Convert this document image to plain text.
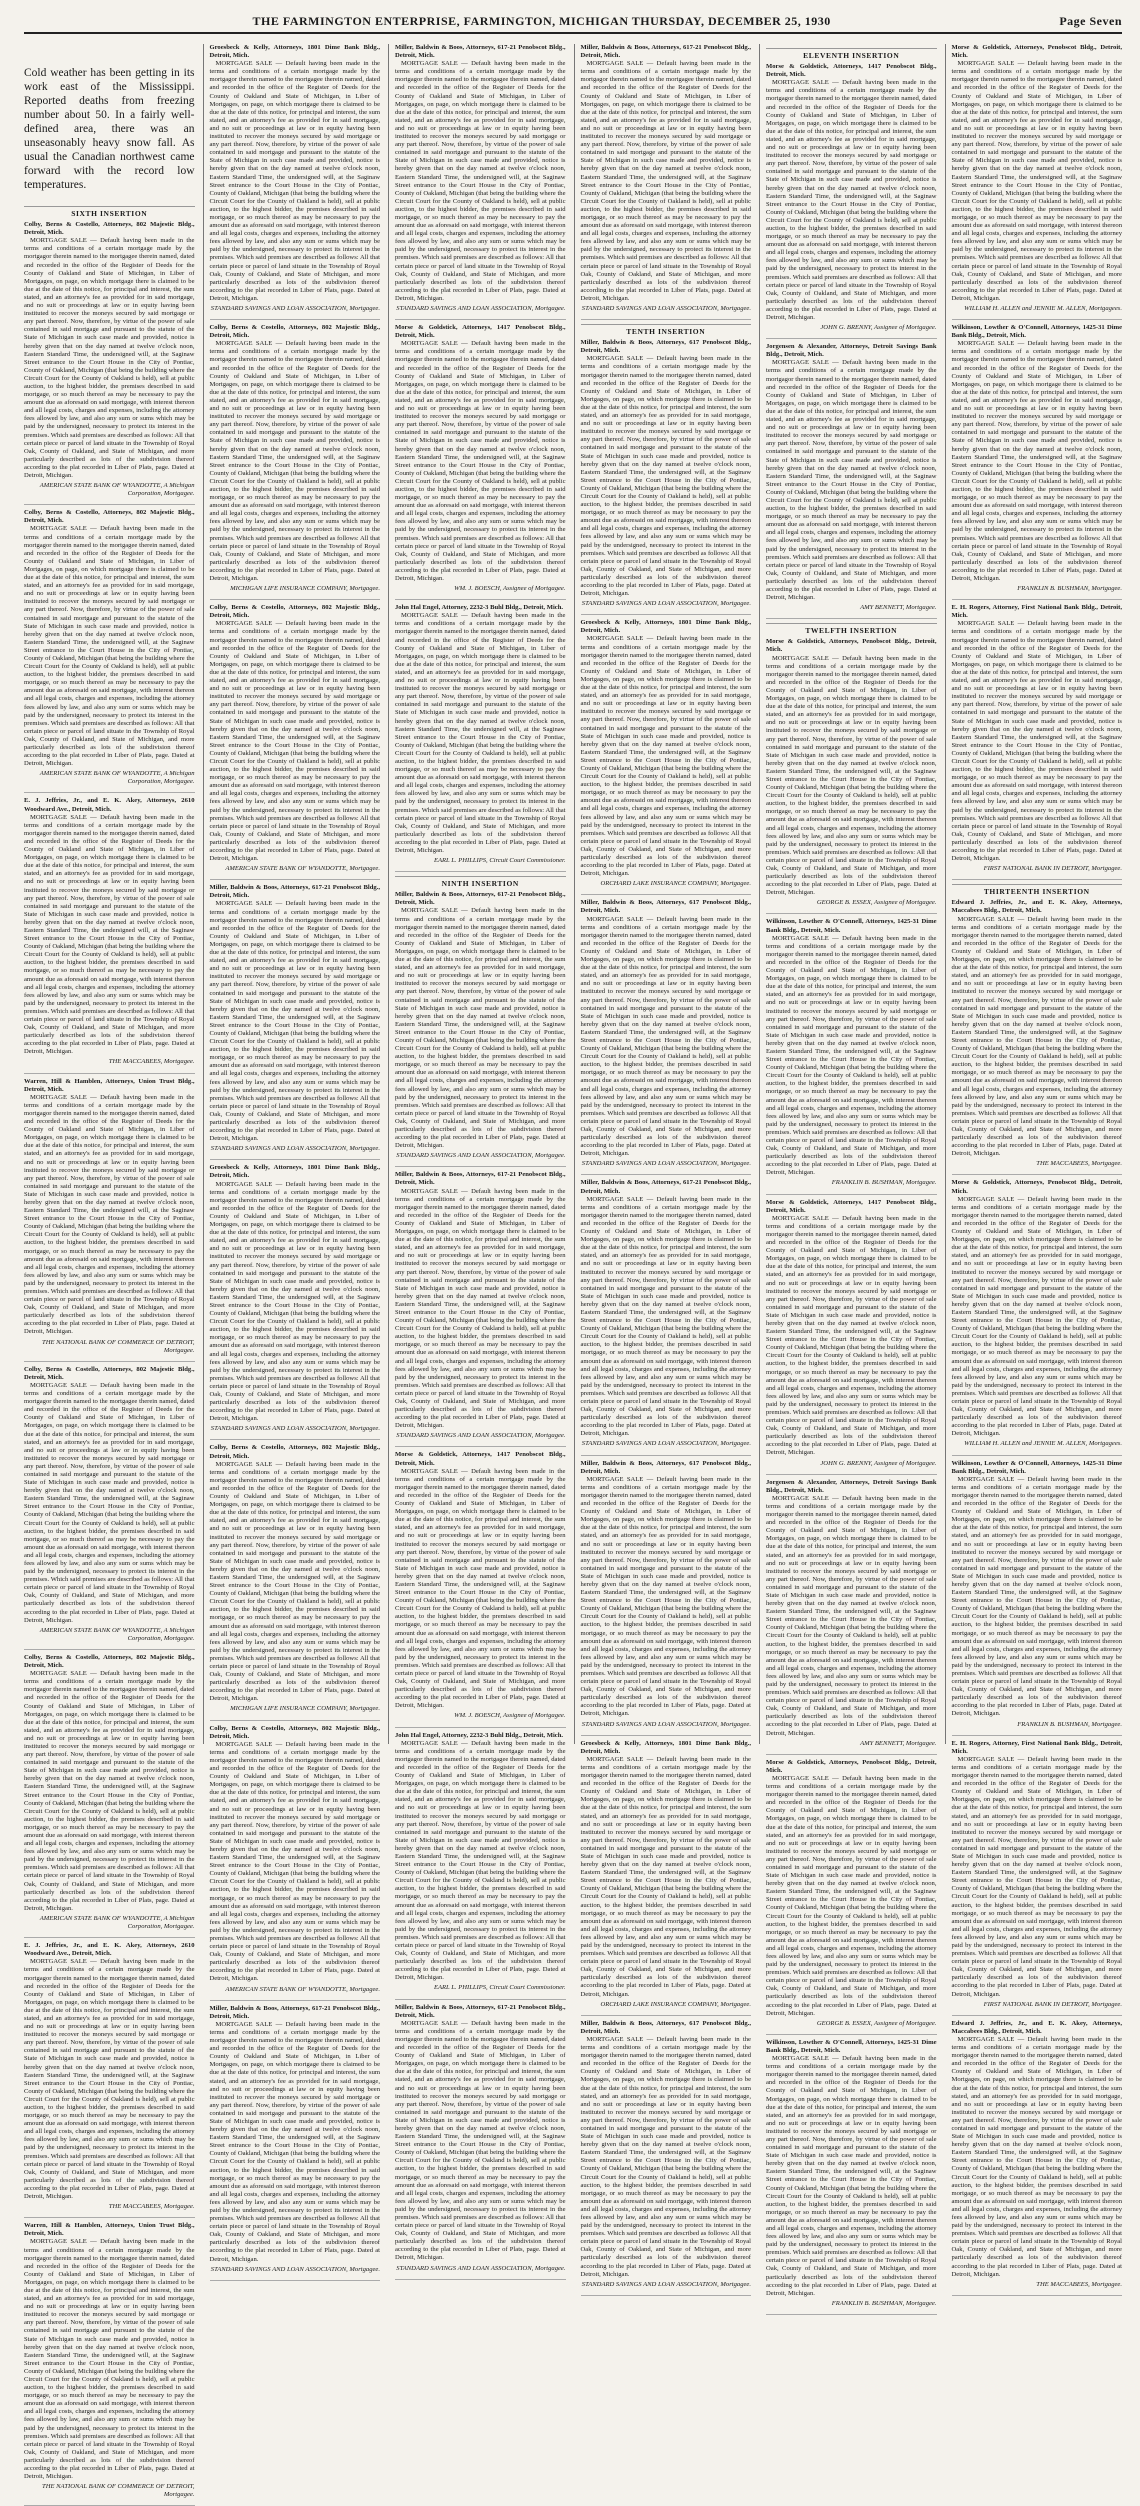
THE FARMINGTON ENTERPRISE, FARMINGTON, MICHIGAN THURSDAY, DECEMBER 25, 1930	Page Seven
Cold weather has been getting in its work east of the Mississippi. Reported deaths from freezing number about 50. In a fairly well-defined area, there was an unseasonably heavy snow fall. As usual the Canadian northwest came forward with the record low temperatures.
SIXTH INSERTION
Colby, Berns & Costello, Attorneys, 802 Majestic Bldg., Detroit, Mich.

MORTGAGE SALE — Default having been made in the terms and conditions of a certain mortgage made by the mortgagor therein named to the mortgagee therein named, dated and recorded in the office of the Register of Deeds for the County of Oakland and State of Michigan, in Liber of Mortgages, on page, on which mortgage there is claimed to be due at the date of this notice, for principal and interest, the sum stated, and an attorney's fee as provided for in said mortgage, and no suit or proceedings at law or in equity having been instituted to recover the moneys secured by said mortgage or any part thereof. Now, therefore, by virtue of the power of sale contained in said mortgage and pursuant to the statute of the State of Michigan in such case made and provided, notice is hereby given that on the day named at twelve o'clock noon, Eastern Standard Time, the undersigned will, at the Saginaw Street entrance to the Court House in the City of Pontiac, County of Oakland, Michigan (that being the building where the Circuit Court for the County of Oakland is held), sell at public auction, to the highest bidder, the premises described in said mortgage, or so much thereof as may be necessary to pay the amount due as aforesaid on said mortgage, with interest thereon and all legal costs, charges and expenses, including the attorney fees allowed by law, and also any sum or sums which may be paid by the undersigned, necessary to protect its interest in the premises. Which said premises are described as follows: All that certain piece or parcel of land situate in the Township of Royal Oak, County of Oakland, and State of Michigan, and more particularly described as lots of the subdivision thereof according to the plat recorded in Liber of Plats, page. Dated at Detroit, Michigan.

AMERICAN STATE BANK OF WYANDOTTE, A Michigan Corporation, Mortgagee.
Colby, Berns & Costello, Attorneys, 802 Majestic Bldg., Detroit, Mich.

MORTGAGE SALE — Default having been made in the terms and conditions of a certain mortgage made by the mortgagor therein named to the mortgagee therein named, dated and recorded in the office of the Register of Deeds for the County of Oakland and State of Michigan, in Liber of Mortgages, on page, on which mortgage there is claimed to be due at the date of this notice, for principal and interest, the sum stated, and an attorney's fee as provided for in said mortgage, and no suit or proceedings at law or in equity having been instituted to recover the moneys secured by said mortgage or any part thereof. Now, therefore, by virtue of the power of sale contained in said mortgage and pursuant to the statute of the State of Michigan in such case made and provided, notice is hereby given that on the day named at twelve o'clock noon, Eastern Standard Time, the undersigned will, at the Saginaw Street entrance to the Court House in the City of Pontiac, County of Oakland, Michigan (that being the building where the Circuit Court for the County of Oakland is held), sell at public auction, to the highest bidder, the premises described in said mortgage, or so much thereof as may be necessary to pay the amount due as aforesaid on said mortgage, with interest thereon and all legal costs, charges and expenses, including the attorney fees allowed by law, and also any sum or sums which may be paid by the undersigned, necessary to protect its interest in the premises. Which said premises are described as follows: All that certain piece or parcel of land situate in the Township of Royal Oak, County of Oakland, and State of Michigan, and more particularly described as lots of the subdivision thereof according to the plat recorded in Liber of Plats, page. Dated at Detroit, Michigan.

AMERICAN STATE BANK OF WYANDOTTE, A Michigan Corporation, Mortgagee.
E. J. Jeffries, Jr., and E. K. Akey, Attorneys, 2610 Woodward Ave., Detroit, Mich.

MORTGAGE SALE — Default having been made in the terms and conditions of a certain mortgage made by the mortgagor therein named to the mortgagee therein named, dated and recorded in the office of the Register of Deeds for the County of Oakland and State of Michigan, in Liber of Mortgages, on page, on which mortgage there is claimed to be due at the date of this notice, for principal and interest, the sum stated, and an attorney's fee as provided for in said mortgage, and no suit or proceedings at law or in equity having been instituted to recover the moneys secured by said mortgage or any part thereof. Now, therefore, by virtue of the power of sale contained in said mortgage and pursuant to the statute of the State of Michigan in such case made and provided, notice is hereby given that on the day named at twelve o'clock noon, Eastern Standard Time, the undersigned will, at the Saginaw Street entrance to the Court House in the City of Pontiac, County of Oakland, Michigan (that being the building where the Circuit Court for the County of Oakland is held), sell at public auction, to the highest bidder, the premises described in said mortgage, or so much thereof as may be necessary to pay the amount due as aforesaid on said mortgage, with interest thereon and all legal costs, charges and expenses, including the attorney fees allowed by law, and also any sum or sums which may be paid by the undersigned, necessary to protect its interest in the premises. Which said premises are described as follows: All that certain piece or parcel of land situate in the Township of Royal Oak, County of Oakland, and State of Michigan, and more particularly described as lots of the subdivision thereof according to the plat recorded in Liber of Plats, page. Dated at Detroit, Michigan.

THE MACCABEES, Mortgagee.
Warren, Hill & Hamblen, Attorneys, Union Trust Bldg., Detroit, Mich.

MORTGAGE SALE — Default having been made in the terms and conditions of a certain mortgage made by the mortgagor therein named to the mortgagee therein named, dated and recorded in the office of the Register of Deeds for the County of Oakland and State of Michigan, in Liber of Mortgages, on page, on which mortgage there is claimed to be due at the date of this notice, for principal and interest, the sum stated, and an attorney's fee as provided for in said mortgage, and no suit or proceedings at law or in equity having been instituted to recover the moneys secured by said mortgage or any part thereof. Now, therefore, by virtue of the power of sale contained in said mortgage and pursuant to the statute of the State of Michigan in such case made and provided, notice is hereby given that on the day named at twelve o'clock noon, Eastern Standard Time, the undersigned will, at the Saginaw Street entrance to the Court House in the City of Pontiac, County of Oakland, Michigan (that being the building where the Circuit Court for the County of Oakland is held), sell at public auction, to the highest bidder, the premises described in said mortgage, or so much thereof as may be necessary to pay the amount due as aforesaid on said mortgage, with interest thereon and all legal costs, charges and expenses, including the attorney fees allowed by law, and also any sum or sums which may be paid by the undersigned, necessary to protect its interest in the premises. Which said premises are described as follows: All that certain piece or parcel of land situate in the Township of Royal Oak, County of Oakland, and State of Michigan, and more particularly described as lots of the subdivision thereof according to the plat recorded in Liber of Plats, page. Dated at Detroit, Michigan.

THE NATIONAL BANK OF COMMERCE OF DETROIT, Mortgagee.
Colby, Berns & Costello, Attorneys, 802 Majestic Bldg., Detroit, Mich.

MORTGAGE SALE — Default having been made in the terms and conditions of a certain mortgage made by the mortgagor therein named to the mortgagee therein named, dated and recorded in the office of the Register of Deeds for the County of Oakland and State of Michigan, in Liber of Mortgages, on page, on which mortgage there is claimed to be due at the date of this notice, for principal and interest, the sum stated, and an attorney's fee as provided for in said mortgage, and no suit or proceedings at law or in equity having been instituted to recover the moneys secured by said mortgage or any part thereof. Now, therefore, by virtue of the power of sale contained in said mortgage and pursuant to the statute of the State of Michigan in such case made and provided, notice is hereby given that on the day named at twelve o'clock noon, Eastern Standard Time, the undersigned will, at the Saginaw Street entrance to the Court House in the City of Pontiac, County of Oakland, Michigan (that being the building where the Circuit Court for the County of Oakland is held), sell at public auction, to the highest bidder, the premises described in said mortgage, or so much thereof as may be necessary to pay the amount due as aforesaid on said mortgage, with interest thereon and all legal costs, charges and expenses, including the attorney fees allowed by law, and also any sum or sums which may be paid by the undersigned, necessary to protect its interest in the premises. Which said premises are described as follows: All that certain piece or parcel of land situate in the Township of Royal Oak, County of Oakland, and State of Michigan, and more particularly described as lots of the subdivision thereof according to the plat recorded in Liber of Plats, page. Dated at Detroit, Michigan.

AMERICAN STATE BANK OF WYANDOTTE, A Michigan Corporation, Mortgagee.
Colby, Berns & Costello, Attorneys, 802 Majestic Bldg., Detroit, Mich.

MORTGAGE SALE — Default having been made in the terms and conditions of a certain mortgage made by the mortgagor therein named to the mortgagee therein named, dated and recorded in the office of the Register of Deeds for the County of Oakland and State of Michigan, in Liber of Mortgages, on page, on which mortgage there is claimed to be due at the date of this notice, for principal and interest, the sum stated, and an attorney's fee as provided for in said mortgage, and no suit or proceedings at law or in equity having been instituted to recover the moneys secured by said mortgage or any part thereof. Now, therefore, by virtue of the power of sale contained in said mortgage and pursuant to the statute of the State of Michigan in such case made and provided, notice is hereby given that on the day named at twelve o'clock noon, Eastern Standard Time, the undersigned will, at the Saginaw Street entrance to the Court House in the City of Pontiac, County of Oakland, Michigan (that being the building where the Circuit Court for the County of Oakland is held), sell at public auction, to the highest bidder, the premises described in said mortgage, or so much thereof as may be necessary to pay the amount due as aforesaid on said mortgage, with interest thereon and all legal costs, charges and expenses, including the attorney fees allowed by law, and also any sum or sums which may be paid by the undersigned, necessary to protect its interest in the premises. Which said premises are described as follows: All that certain piece or parcel of land situate in the Township of Royal Oak, County of Oakland, and State of Michigan, and more particularly described as lots of the subdivision thereof according to the plat recorded in Liber of Plats, page. Dated at Detroit, Michigan.

AMERICAN STATE BANK OF WYANDOTTE, A Michigan Corporation, Mortgagee.
E. J. Jeffries, Jr., and E. K. Akey, Attorneys, 2610 Woodward Ave., Detroit, Mich.

MORTGAGE SALE — Default having been made in the terms and conditions of a certain mortgage made by the mortgagor therein named to the mortgagee therein named, dated and recorded in the office of the Register of Deeds for the County of Oakland and State of Michigan, in Liber of Mortgages, on page, on which mortgage there is claimed to be due at the date of this notice, for principal and interest, the sum stated, and an attorney's fee as provided for in said mortgage, and no suit or proceedings at law or in equity having been instituted to recover the moneys secured by said mortgage or any part thereof. Now, therefore, by virtue of the power of sale contained in said mortgage and pursuant to the statute of the State of Michigan in such case made and provided, notice is hereby given that on the day named at twelve o'clock noon, Eastern Standard Time, the undersigned will, at the Saginaw Street entrance to the Court House in the City of Pontiac, County of Oakland, Michigan (that being the building where the Circuit Court for the County of Oakland is held), sell at public auction, to the highest bidder, the premises described in said mortgage, or so much thereof as may be necessary to pay the amount due as aforesaid on said mortgage, with interest thereon and all legal costs, charges and expenses, including the attorney fees allowed by law, and also any sum or sums which may be paid by the undersigned, necessary to protect its interest in the premises. Which said premises are described as follows: All that certain piece or parcel of land situate in the Township of Royal Oak, County of Oakland, and State of Michigan, and more particularly described as lots of the subdivision thereof according to the plat recorded in Liber of Plats, page. Dated at Detroit, Michigan.

THE MACCABEES, Mortgagee.
Warren, Hill & Hamblen, Attorneys, Union Trust Bldg., Detroit, Mich.

MORTGAGE SALE — Default having been made in the terms and conditions of a certain mortgage made by the mortgagor therein named to the mortgagee therein named, dated and recorded in the office of the Register of Deeds for the County of Oakland and State of Michigan, in Liber of Mortgages, on page, on which mortgage there is claimed to be due at the date of this notice, for principal and interest, the sum stated, and an attorney's fee as provided for in said mortgage, and no suit or proceedings at law or in equity having been instituted to recover the moneys secured by said mortgage or any part thereof. Now, therefore, by virtue of the power of sale contained in said mortgage and pursuant to the statute of the State of Michigan in such case made and provided, notice is hereby given that on the day named at twelve o'clock noon, Eastern Standard Time, the undersigned will, at the Saginaw Street entrance to the Court House in the City of Pontiac, County of Oakland, Michigan (that being the building where the Circuit Court for the County of Oakland is held), sell at public auction, to the highest bidder, the premises described in said mortgage, or so much thereof as may be necessary to pay the amount due as aforesaid on said mortgage, with interest thereon and all legal costs, charges and expenses, including the attorney fees allowed by law, and also any sum or sums which may be paid by the undersigned, necessary to protect its interest in the premises. Which said premises are described as follows: All that certain piece or parcel of land situate in the Township of Royal Oak, County of Oakland, and State of Michigan, and more particularly described as lots of the subdivision thereof according to the plat recorded in Liber of Plats, page. Dated at Detroit, Michigan.

THE NATIONAL BANK OF COMMERCE OF DETROIT, Mortgagee.
Groesbeck & Kelly, Attorneys, 1801 Dime Bank Bldg., Detroit, Mich.

MORTGAGE SALE — Default having been made in the terms and conditions of a certain mortgage made by the mortgagor therein named to the mortgagee therein named, dated and recorded in the office of the Register of Deeds for the County of Oakland and State of Michigan, in Liber of Mortgages, on page, on which mortgage there is claimed to be due at the date of this notice, for principal and interest, the sum stated, and an attorney's fee as provided for in said mortgage, and no suit or proceedings at law or in equity having been instituted to recover the moneys secured by said mortgage or any part thereof. Now, therefore, by virtue of the power of sale contained in said mortgage and pursuant to the statute of the State of Michigan in such case made and provided, notice is hereby given that on the day named at twelve o'clock noon, Eastern Standard Time, the undersigned will, at the Saginaw Street entrance to the Court House in the City of Pontiac, County of Oakland, Michigan (that being the building where the Circuit Court for the County of Oakland is held), sell at public auction, to the highest bidder, the premises described in said mortgage, or so much thereof as may be necessary to pay the amount due as aforesaid on said mortgage, with interest thereon and all legal costs, charges and expenses, including the attorney fees allowed by law, and also any sum or sums which may be paid by the undersigned, necessary to protect its interest in the premises. Which said premises are described as follows: All that certain piece or parcel of land situate in the Township of Royal Oak, County of Oakland, and State of Michigan, and more particularly described as lots of the subdivision thereof according to the plat recorded in Liber of Plats, page. Dated at Detroit, Michigan.

STANDARD SAVINGS AND LOAN ASSOCIATION, Mortgagee.
Colby, Berns & Costello, Attorneys, 802 Majestic Bldg., Detroit, Mich.

MORTGAGE SALE — Default having been made in the terms and conditions of a certain mortgage made by the mortgagor therein named to the mortgagee therein named, dated and recorded in the office of the Register of Deeds for the County of Oakland and State of Michigan, in Liber of Mortgages, on page, on which mortgage there is claimed to be due at the date of this notice, for principal and interest, the sum stated, and an attorney's fee as provided for in said mortgage, and no suit or proceedings at law or in equity having been instituted to recover the moneys secured by said mortgage or any part thereof. Now, therefore, by virtue of the power of sale contained in said mortgage and pursuant to the statute of the State of Michigan in such case made and provided, notice is hereby given that on the day named at twelve o'clock noon, Eastern Standard Time, the undersigned will, at the Saginaw Street entrance to the Court House in the City of Pontiac, County of Oakland, Michigan (that being the building where the Circuit Court for the County of Oakland is held), sell at public auction, to the highest bidder, the premises described in said mortgage, or so much thereof as may be necessary to pay the amount due as aforesaid on said mortgage, with interest thereon and all legal costs, charges and expenses, including the attorney fees allowed by law, and also any sum or sums which may be paid by the undersigned, necessary to protect its interest in the premises. Which said premises are described as follows: All that certain piece or parcel of land situate in the Township of Royal Oak, County of Oakland, and State of Michigan, and more particularly described as lots of the subdivision thereof according to the plat recorded in Liber of Plats, page. Dated at Detroit, Michigan.

MICHIGAN LIFE INSURANCE COMPANY, Mortgagee.
Colby, Berns & Costello, Attorneys, 802 Majestic Bldg., Detroit, Mich.

MORTGAGE SALE — Default having been made in the terms and conditions of a certain mortgage made by the mortgagor therein named to the mortgagee therein named, dated and recorded in the office of the Register of Deeds for the County of Oakland and State of Michigan, in Liber of Mortgages, on page, on which mortgage there is claimed to be due at the date of this notice, for principal and interest, the sum stated, and an attorney's fee as provided for in said mortgage, and no suit or proceedings at law or in equity having been instituted to recover the moneys secured by said mortgage or any part thereof. Now, therefore, by virtue of the power of sale contained in said mortgage and pursuant to the statute of the State of Michigan in such case made and provided, notice is hereby given that on the day named at twelve o'clock noon, Eastern Standard Time, the undersigned will, at the Saginaw Street entrance to the Court House in the City of Pontiac, County of Oakland, Michigan (that being the building where the Circuit Court for the County of Oakland is held), sell at public auction, to the highest bidder, the premises described in said mortgage, or so much thereof as may be necessary to pay the amount due as aforesaid on said mortgage, with interest thereon and all legal costs, charges and expenses, including the attorney fees allowed by law, and also any sum or sums which may be paid by the undersigned, necessary to protect its interest in the premises. Which said premises are described as follows: All that certain piece or parcel of land situate in the Township of Royal Oak, County of Oakland, and State of Michigan, and more particularly described as lots of the subdivision thereof according to the plat recorded in Liber of Plats, page. Dated at Detroit, Michigan.

AMERICAN STATE BANK OF WYANDOTTE, Mortgagee.
Miller, Baldwin & Boos, Attorneys, 617-21 Penobscot Bldg., Detroit, Mich.

MORTGAGE SALE — Default having been made in the terms and conditions of a certain mortgage made by the mortgagor therein named to the mortgagee therein named, dated and recorded in the office of the Register of Deeds for the County of Oakland and State of Michigan, in Liber of Mortgages, on page, on which mortgage there is claimed to be due at the date of this notice, for principal and interest, the sum stated, and an attorney's fee as provided for in said mortgage, and no suit or proceedings at law or in equity having been instituted to recover the moneys secured by said mortgage or any part thereof. Now, therefore, by virtue of the power of sale contained in said mortgage and pursuant to the statute of the State of Michigan in such case made and provided, notice is hereby given that on the day named at twelve o'clock noon, Eastern Standard Time, the undersigned will, at the Saginaw Street entrance to the Court House in the City of Pontiac, County of Oakland, Michigan (that being the building where the Circuit Court for the County of Oakland is held), sell at public auction, to the highest bidder, the premises described in said mortgage, or so much thereof as may be necessary to pay the amount due as aforesaid on said mortgage, with interest thereon and all legal costs, charges and expenses, including the attorney fees allowed by law, and also any sum or sums which may be paid by the undersigned, necessary to protect its interest in the premises. Which said premises are described as follows: All that certain piece or parcel of land situate in the Township of Royal Oak, County of Oakland, and State of Michigan, and more particularly described as lots of the subdivision thereof according to the plat recorded in Liber of Plats, page. Dated at Detroit, Michigan.

STANDARD SAVINGS AND LOAN ASSOCIATION, Mortgagee.
Groesbeck & Kelly, Attorneys, 1801 Dime Bank Bldg., Detroit, Mich.

MORTGAGE SALE — Default having been made in the terms and conditions of a certain mortgage made by the mortgagor therein named to the mortgagee therein named, dated and recorded in the office of the Register of Deeds for the County of Oakland and State of Michigan, in Liber of Mortgages, on page, on which mortgage there is claimed to be due at the date of this notice, for principal and interest, the sum stated, and an attorney's fee as provided for in said mortgage, and no suit or proceedings at law or in equity having been instituted to recover the moneys secured by said mortgage or any part thereof. Now, therefore, by virtue of the power of sale contained in said mortgage and pursuant to the statute of the State of Michigan in such case made and provided, notice is hereby given that on the day named at twelve o'clock noon, Eastern Standard Time, the undersigned will, at the Saginaw Street entrance to the Court House in the City of Pontiac, County of Oakland, Michigan (that being the building where the Circuit Court for the County of Oakland is held), sell at public auction, to the highest bidder, the premises described in said mortgage, or so much thereof as may be necessary to pay the amount due as aforesaid on said mortgage, with interest thereon and all legal costs, charges and expenses, including the attorney fees allowed by law, and also any sum or sums which may be paid by the undersigned, necessary to protect its interest in the premises. Which said premises are described as follows: All that certain piece or parcel of land situate in the Township of Royal Oak, County of Oakland, and State of Michigan, and more particularly described as lots of the subdivision thereof according to the plat recorded in Liber of Plats, page. Dated at Detroit, Michigan.

STANDARD SAVINGS AND LOAN ASSOCIATION, Mortgagee.
Colby, Berns & Costello, Attorneys, 802 Majestic Bldg., Detroit, Mich.

MORTGAGE SALE — Default having been made in the terms and conditions of a certain mortgage made by the mortgagor therein named to the mortgagee therein named, dated and recorded in the office of the Register of Deeds for the County of Oakland and State of Michigan, in Liber of Mortgages, on page, on which mortgage there is claimed to be due at the date of this notice, for principal and interest, the sum stated, and an attorney's fee as provided for in said mortgage, and no suit or proceedings at law or in equity having been instituted to recover the moneys secured by said mortgage or any part thereof. Now, therefore, by virtue of the power of sale contained in said mortgage and pursuant to the statute of the State of Michigan in such case made and provided, notice is hereby given that on the day named at twelve o'clock noon, Eastern Standard Time, the undersigned will, at the Saginaw Street entrance to the Court House in the City of Pontiac, County of Oakland, Michigan (that being the building where the Circuit Court for the County of Oakland is held), sell at public auction, to the highest bidder, the premises described in said mortgage, or so much thereof as may be necessary to pay the amount due as aforesaid on said mortgage, with interest thereon and all legal costs, charges and expenses, including the attorney fees allowed by law, and also any sum or sums which may be paid by the undersigned, necessary to protect its interest in the premises. Which said premises are described as follows: All that certain piece or parcel of land situate in the Township of Royal Oak, County of Oakland, and State of Michigan, and more particularly described as lots of the subdivision thereof according to the plat recorded in Liber of Plats, page. Dated at Detroit, Michigan.

MICHIGAN LIFE INSURANCE COMPANY, Mortgagee.
Colby, Berns & Costello, Attorneys, 802 Majestic Bldg., Detroit, Mich.

MORTGAGE SALE — Default having been made in the terms and conditions of a certain mortgage made by the mortgagor therein named to the mortgagee therein named, dated and recorded in the office of the Register of Deeds for the County of Oakland and State of Michigan, in Liber of Mortgages, on page, on which mortgage there is claimed to be due at the date of this notice, for principal and interest, the sum stated, and an attorney's fee as provided for in said mortgage, and no suit or proceedings at law or in equity having been instituted to recover the moneys secured by said mortgage or any part thereof. Now, therefore, by virtue of the power of sale contained in said mortgage and pursuant to the statute of the State of Michigan in such case made and provided, notice is hereby given that on the day named at twelve o'clock noon, Eastern Standard Time, the undersigned will, at the Saginaw Street entrance to the Court House in the City of Pontiac, County of Oakland, Michigan (that being the building where the Circuit Court for the County of Oakland is held), sell at public auction, to the highest bidder, the premises described in said mortgage, or so much thereof as may be necessary to pay the amount due as aforesaid on said mortgage, with interest thereon and all legal costs, charges and expenses, including the attorney fees allowed by law, and also any sum or sums which may be paid by the undersigned, necessary to protect its interest in the premises. Which said premises are described as follows: All that certain piece or parcel of land situate in the Township of Royal Oak, County of Oakland, and State of Michigan, and more particularly described as lots of the subdivision thereof according to the plat recorded in Liber of Plats, page. Dated at Detroit, Michigan.

AMERICAN STATE BANK OF WYANDOTTE, Mortgagee.
Miller, Baldwin & Boos, Attorneys, 617-21 Penobscot Bldg., Detroit, Mich.

MORTGAGE SALE — Default having been made in the terms and conditions of a certain mortgage made by the mortgagor therein named to the mortgagee therein named, dated and recorded in the office of the Register of Deeds for the County of Oakland and State of Michigan, in Liber of Mortgages, on page, on which mortgage there is claimed to be due at the date of this notice, for principal and interest, the sum stated, and an attorney's fee as provided for in said mortgage, and no suit or proceedings at law or in equity having been instituted to recover the moneys secured by said mortgage or any part thereof. Now, therefore, by virtue of the power of sale contained in said mortgage and pursuant to the statute of the State of Michigan in such case made and provided, notice is hereby given that on the day named at twelve o'clock noon, Eastern Standard Time, the undersigned will, at the Saginaw Street entrance to the Court House in the City of Pontiac, County of Oakland, Michigan (that being the building where the Circuit Court for the County of Oakland is held), sell at public auction, to the highest bidder, the premises described in said mortgage, or so much thereof as may be necessary to pay the amount due as aforesaid on said mortgage, with interest thereon and all legal costs, charges and expenses, including the attorney fees allowed by law, and also any sum or sums which may be paid by the undersigned, necessary to protect its interest in the premises. Which said premises are described as follows: All that certain piece or parcel of land situate in the Township of Royal Oak, County of Oakland, and State of Michigan, and more particularly described as lots of the subdivision thereof according to the plat recorded in Liber of Plats, page. Dated at Detroit, Michigan.

STANDARD SAVINGS AND LOAN ASSOCIATION, Mortgagee.
Miller, Baldwin & Boos, Attorneys, 617-21 Penobscot Bldg., Detroit, Mich.

MORTGAGE SALE — Default having been made in the terms and conditions of a certain mortgage made by the mortgagor therein named to the mortgagee therein named, dated and recorded in the office of the Register of Deeds for the County of Oakland and State of Michigan, in Liber of Mortgages, on page, on which mortgage there is claimed to be due at the date of this notice, for principal and interest, the sum stated, and an attorney's fee as provided for in said mortgage, and no suit or proceedings at law or in equity having been instituted to recover the moneys secured by said mortgage or any part thereof. Now, therefore, by virtue of the power of sale contained in said mortgage and pursuant to the statute of the State of Michigan in such case made and provided, notice is hereby given that on the day named at twelve o'clock noon, Eastern Standard Time, the undersigned will, at the Saginaw Street entrance to the Court House in the City of Pontiac, County of Oakland, Michigan (that being the building where the Circuit Court for the County of Oakland is held), sell at public auction, to the highest bidder, the premises described in said mortgage, or so much thereof as may be necessary to pay the amount due as aforesaid on said mortgage, with interest thereon and all legal costs, charges and expenses, including the attorney fees allowed by law, and also any sum or sums which may be paid by the undersigned, necessary to protect its interest in the premises. Which said premises are described as follows: All that certain piece or parcel of land situate in the Township of Royal Oak, County of Oakland, and State of Michigan, and more particularly described as lots of the subdivision thereof according to the plat recorded in Liber of Plats, page. Dated at Detroit, Michigan.

STANDARD SAVINGS AND LOAN ASSOCIATION, Mortgagee.
Morse & Goldstick, Attorneys, 1417 Penobscot Bldg., Detroit, Mich.

MORTGAGE SALE — Default having been made in the terms and conditions of a certain mortgage made by the mortgagor therein named to the mortgagee therein named, dated and recorded in the office of the Register of Deeds for the County of Oakland and State of Michigan, in Liber of Mortgages, on page, on which mortgage there is claimed to be due at the date of this notice, for principal and interest, the sum stated, and an attorney's fee as provided for in said mortgage, and no suit or proceedings at law or in equity having been instituted to recover the moneys secured by said mortgage or any part thereof. Now, therefore, by virtue of the power of sale contained in said mortgage and pursuant to the statute of the State of Michigan in such case made and provided, notice is hereby given that on the day named at twelve o'clock noon, Eastern Standard Time, the undersigned will, at the Saginaw Street entrance to the Court House in the City of Pontiac, County of Oakland, Michigan (that being the building where the Circuit Court for the County of Oakland is held), sell at public auction, to the highest bidder, the premises described in said mortgage, or so much thereof as may be necessary to pay the amount due as aforesaid on said mortgage, with interest thereon and all legal costs, charges and expenses, including the attorney fees allowed by law, and also any sum or sums which may be paid by the undersigned, necessary to protect its interest in the premises. Which said premises are described as follows: All that certain piece or parcel of land situate in the Township of Royal Oak, County of Oakland, and State of Michigan, and more particularly described as lots of the subdivision thereof according to the plat recorded in Liber of Plats, page. Dated at Detroit, Michigan.

WM. J. BOESCH, Assignee of Mortgagee.
John Hal Engel, Attorney, 2232-3 Buhl Bldg., Detroit, Mich.

MORTGAGE SALE — Default having been made in the terms and conditions of a certain mortgage made by the mortgagor therein named to the mortgagee therein named, dated and recorded in the office of the Register of Deeds for the County of Oakland and State of Michigan, in Liber of Mortgages, on page, on which mortgage there is claimed to be due at the date of this notice, for principal and interest, the sum stated, and an attorney's fee as provided for in said mortgage, and no suit or proceedings at law or in equity having been instituted to recover the moneys secured by said mortgage or any part thereof. Now, therefore, by virtue of the power of sale contained in said mortgage and pursuant to the statute of the State of Michigan in such case made and provided, notice is hereby given that on the day named at twelve o'clock noon, Eastern Standard Time, the undersigned will, at the Saginaw Street entrance to the Court House in the City of Pontiac, County of Oakland, Michigan (that being the building where the Circuit Court for the County of Oakland is held), sell at public auction, to the highest bidder, the premises described in said mortgage, or so much thereof as may be necessary to pay the amount due as aforesaid on said mortgage, with interest thereon and all legal costs, charges and expenses, including the attorney fees allowed by law, and also any sum or sums which may be paid by the undersigned, necessary to protect its interest in the premises. Which said premises are described as follows: All that certain piece or parcel of land situate in the Township of Royal Oak, County of Oakland, and State of Michigan, and more particularly described as lots of the subdivision thereof according to the plat recorded in Liber of Plats, page. Dated at Detroit, Michigan.

EARL L. PHILLIPS, Circuit Court Commissioner.
NINTH INSERTION
Miller, Baldwin & Boos, Attorneys, 617-21 Penobscot Bldg., Detroit, Mich.

MORTGAGE SALE — Default having been made in the terms and conditions of a certain mortgage made by the mortgagor therein named to the mortgagee therein named, dated and recorded in the office of the Register of Deeds for the County of Oakland and State of Michigan, in Liber of Mortgages, on page, on which mortgage there is claimed to be due at the date of this notice, for principal and interest, the sum stated, and an attorney's fee as provided for in said mortgage, and no suit or proceedings at law or in equity having been instituted to recover the moneys secured by said mortgage or any part thereof. Now, therefore, by virtue of the power of sale contained in said mortgage and pursuant to the statute of the State of Michigan in such case made and provided, notice is hereby given that on the day named at twelve o'clock noon, Eastern Standard Time, the undersigned will, at the Saginaw Street entrance to the Court House in the City of Pontiac, County of Oakland, Michigan (that being the building where the Circuit Court for the County of Oakland is held), sell at public auction, to the highest bidder, the premises described in said mortgage, or so much thereof as may be necessary to pay the amount due as aforesaid on said mortgage, with interest thereon and all legal costs, charges and expenses, including the attorney fees allowed by law, and also any sum or sums which may be paid by the undersigned, necessary to protect its interest in the premises. Which said premises are described as follows: All that certain piece or parcel of land situate in the Township of Royal Oak, County of Oakland, and State of Michigan, and more particularly described as lots of the subdivision thereof according to the plat recorded in Liber of Plats, page. Dated at Detroit, Michigan.

STANDARD SAVINGS AND LOAN ASSOCIATION, Mortgagee.
Miller, Baldwin & Boos, Attorneys, 617-21 Penobscot Bldg., Detroit, Mich.

MORTGAGE SALE — Default having been made in the terms and conditions of a certain mortgage made by the mortgagor therein named to the mortgagee therein named, dated and recorded in the office of the Register of Deeds for the County of Oakland and State of Michigan, in Liber of Mortgages, on page, on which mortgage there is claimed to be due at the date of this notice, for principal and interest, the sum stated, and an attorney's fee as provided for in said mortgage, and no suit or proceedings at law or in equity having been instituted to recover the moneys secured by said mortgage or any part thereof. Now, therefore, by virtue of the power of sale contained in said mortgage and pursuant to the statute of the State of Michigan in such case made and provided, notice is hereby given that on the day named at twelve o'clock noon, Eastern Standard Time, the undersigned will, at the Saginaw Street entrance to the Court House in the City of Pontiac, County of Oakland, Michigan (that being the building where the Circuit Court for the County of Oakland is held), sell at public auction, to the highest bidder, the premises described in said mortgage, or so much thereof as may be necessary to pay the amount due as aforesaid on said mortgage, with interest thereon and all legal costs, charges and expenses, including the attorney fees allowed by law, and also any sum or sums which may be paid by the undersigned, necessary to protect its interest in the premises. Which said premises are described as follows: All that certain piece or parcel of land situate in the Township of Royal Oak, County of Oakland, and State of Michigan, and more particularly described as lots of the subdivision thereof according to the plat recorded in Liber of Plats, page. Dated at Detroit, Michigan.

STANDARD SAVINGS AND LOAN ASSOCIATION, Mortgagee.
Morse & Goldstick, Attorneys, 1417 Penobscot Bldg., Detroit, Mich.

MORTGAGE SALE — Default having been made in the terms and conditions of a certain mortgage made by the mortgagor therein named to the mortgagee therein named, dated and recorded in the office of the Register of Deeds for the County of Oakland and State of Michigan, in Liber of Mortgages, on page, on which mortgage there is claimed to be due at the date of this notice, for principal and interest, the sum stated, and an attorney's fee as provided for in said mortgage, and no suit or proceedings at law or in equity having been instituted to recover the moneys secured by said mortgage or any part thereof. Now, therefore, by virtue of the power of sale contained in said mortgage and pursuant to the statute of the State of Michigan in such case made and provided, notice is hereby given that on the day named at twelve o'clock noon, Eastern Standard Time, the undersigned will, at the Saginaw Street entrance to the Court House in the City of Pontiac, County of Oakland, Michigan (that being the building where the Circuit Court for the County of Oakland is held), sell at public auction, to the highest bidder, the premises described in said mortgage, or so much thereof as may be necessary to pay the amount due as aforesaid on said mortgage, with interest thereon and all legal costs, charges and expenses, including the attorney fees allowed by law, and also any sum or sums which may be paid by the undersigned, necessary to protect its interest in the premises. Which said premises are described as follows: All that certain piece or parcel of land situate in the Township of Royal Oak, County of Oakland, and State of Michigan, and more particularly described as lots of the subdivision thereof according to the plat recorded in Liber of Plats, page. Dated at Detroit, Michigan.

WM. J. BOESCH, Assignee of Mortgagee.
John Hal Engel, Attorney, 2232-3 Buhl Bldg., Detroit, Mich.

MORTGAGE SALE — Default having been made in the terms and conditions of a certain mortgage made by the mortgagor therein named to the mortgagee therein named, dated and recorded in the office of the Register of Deeds for the County of Oakland and State of Michigan, in Liber of Mortgages, on page, on which mortgage there is claimed to be due at the date of this notice, for principal and interest, the sum stated, and an attorney's fee as provided for in said mortgage, and no suit or proceedings at law or in equity having been instituted to recover the moneys secured by said mortgage or any part thereof. Now, therefore, by virtue of the power of sale contained in said mortgage and pursuant to the statute of the State of Michigan in such case made and provided, notice is hereby given that on the day named at twelve o'clock noon, Eastern Standard Time, the undersigned will, at the Saginaw Street entrance to the Court House in the City of Pontiac, County of Oakland, Michigan (that being the building where the Circuit Court for the County of Oakland is held), sell at public auction, to the highest bidder, the premises described in said mortgage, or so much thereof as may be necessary to pay the amount due as aforesaid on said mortgage, with interest thereon and all legal costs, charges and expenses, including the attorney fees allowed by law, and also any sum or sums which may be paid by the undersigned, necessary to protect its interest in the premises. Which said premises are described as follows: All that certain piece or parcel of land situate in the Township of Royal Oak, County of Oakland, and State of Michigan, and more particularly described as lots of the subdivision thereof according to the plat recorded in Liber of Plats, page. Dated at Detroit, Michigan.

EARL L. PHILLIPS, Circuit Court Commissioner.
Miller, Baldwin & Boos, Attorneys, 617-21 Penobscot Bldg., Detroit, Mich.

MORTGAGE SALE — Default having been made in the terms and conditions of a certain mortgage made by the mortgagor therein named to the mortgagee therein named, dated and recorded in the office of the Register of Deeds for the County of Oakland and State of Michigan, in Liber of Mortgages, on page, on which mortgage there is claimed to be due at the date of this notice, for principal and interest, the sum stated, and an attorney's fee as provided for in said mortgage, and no suit or proceedings at law or in equity having been instituted to recover the moneys secured by said mortgage or any part thereof. Now, therefore, by virtue of the power of sale contained in said mortgage and pursuant to the statute of the State of Michigan in such case made and provided, notice is hereby given that on the day named at twelve o'clock noon, Eastern Standard Time, the undersigned will, at the Saginaw Street entrance to the Court House in the City of Pontiac, County of Oakland, Michigan (that being the building where the Circuit Court for the County of Oakland is held), sell at public auction, to the highest bidder, the premises described in said mortgage, or so much thereof as may be necessary to pay the amount due as aforesaid on said mortgage, with interest thereon and all legal costs, charges and expenses, including the attorney fees allowed by law, and also any sum or sums which may be paid by the undersigned, necessary to protect its interest in the premises. Which said premises are described as follows: All that certain piece or parcel of land situate in the Township of Royal Oak, County of Oakland, and State of Michigan, and more particularly described as lots of the subdivision thereof according to the plat recorded in Liber of Plats, page. Dated at Detroit, Michigan.

STANDARD SAVINGS AND LOAN ASSOCIATION, Mortgagee.
Miller, Baldwin & Boos, Attorneys, 617-21 Penobscot Bldg., Detroit, Mich.

MORTGAGE SALE — Default having been made in the terms and conditions of a certain mortgage made by the mortgagor therein named to the mortgagee therein named, dated and recorded in the office of the Register of Deeds for the County of Oakland and State of Michigan, in Liber of Mortgages, on page, on which mortgage there is claimed to be due at the date of this notice, for principal and interest, the sum stated, and an attorney's fee as provided for in said mortgage, and no suit or proceedings at law or in equity having been instituted to recover the moneys secured by said mortgage or any part thereof. Now, therefore, by virtue of the power of sale contained in said mortgage and pursuant to the statute of the State of Michigan in such case made and provided, notice is hereby given that on the day named at twelve o'clock noon, Eastern Standard Time, the undersigned will, at the Saginaw Street entrance to the Court House in the City of Pontiac, County of Oakland, Michigan (that being the building where the Circuit Court for the County of Oakland is held), sell at public auction, to the highest bidder, the premises described in said mortgage, or so much thereof as may be necessary to pay the amount due as aforesaid on said mortgage, with interest thereon and all legal costs, charges and expenses, including the attorney fees allowed by law, and also any sum or sums which may be paid by the undersigned, necessary to protect its interest in the premises. Which said premises are described as follows: All that certain piece or parcel of land situate in the Township of Royal Oak, County of Oakland, and State of Michigan, and more particularly described as lots of the subdivision thereof according to the plat recorded in Liber of Plats, page. Dated at Detroit, Michigan.

STANDARD SAVINGS AND LOAN ASSOCIATION, Mortgagee.
TENTH INSERTION
Miller, Baldwin & Boos, Attorneys, 617 Penobscot Bldg., Detroit, Mich.

MORTGAGE SALE — Default having been made in the terms and conditions of a certain mortgage made by the mortgagor therein named to the mortgagee therein named, dated and recorded in the office of the Register of Deeds for the County of Oakland and State of Michigan, in Liber of Mortgages, on page, on which mortgage there is claimed to be due at the date of this notice, for principal and interest, the sum stated, and an attorney's fee as provided for in said mortgage, and no suit or proceedings at law or in equity having been instituted to recover the moneys secured by said mortgage or any part thereof. Now, therefore, by virtue of the power of sale contained in said mortgage and pursuant to the statute of the State of Michigan in such case made and provided, notice is hereby given that on the day named at twelve o'clock noon, Eastern Standard Time, the undersigned will, at the Saginaw Street entrance to the Court House in the City of Pontiac, County of Oakland, Michigan (that being the building where the Circuit Court for the County of Oakland is held), sell at public auction, to the highest bidder, the premises described in said mortgage, or so much thereof as may be necessary to pay the amount due as aforesaid on said mortgage, with interest thereon and all legal costs, charges and expenses, including the attorney fees allowed by law, and also any sum or sums which may be paid by the undersigned, necessary to protect its interest in the premises. Which said premises are described as follows: All that certain piece or parcel of land situate in the Township of Royal Oak, County of Oakland, and State of Michigan, and more particularly described as lots of the subdivision thereof according to the plat recorded in Liber of Plats, page. Dated at Detroit, Michigan.

STANDARD SAVINGS AND LOAN ASSOCIATION, Mortgagee.
Groesbeck & Kelly, Attorneys, 1801 Dime Bank Bldg., Detroit, Mich.

MORTGAGE SALE — Default having been made in the terms and conditions of a certain mortgage made by the mortgagor therein named to the mortgagee therein named, dated and recorded in the office of the Register of Deeds for the County of Oakland and State of Michigan, in Liber of Mortgages, on page, on which mortgage there is claimed to be due at the date of this notice, for principal and interest, the sum stated, and an attorney's fee as provided for in said mortgage, and no suit or proceedings at law or in equity having been instituted to recover the moneys secured by said mortgage or any part thereof. Now, therefore, by virtue of the power of sale contained in said mortgage and pursuant to the statute of the State of Michigan in such case made and provided, notice is hereby given that on the day named at twelve o'clock noon, Eastern Standard Time, the undersigned will, at the Saginaw Street entrance to the Court House in the City of Pontiac, County of Oakland, Michigan (that being the building where the Circuit Court for the County of Oakland is held), sell at public auction, to the highest bidder, the premises described in said mortgage, or so much thereof as may be necessary to pay the amount due as aforesaid on said mortgage, with interest thereon and all legal costs, charges and expenses, including the attorney fees allowed by law, and also any sum or sums which may be paid by the undersigned, necessary to protect its interest in the premises. Which said premises are described as follows: All that certain piece or parcel of land situate in the Township of Royal Oak, County of Oakland, and State of Michigan, and more particularly described as lots of the subdivision thereof according to the plat recorded in Liber of Plats, page. Dated at Detroit, Michigan.

ORCHARD LAKE INSURANCE COMPANY, Mortgagee.
Miller, Baldwin & Boos, Attorneys, 617 Penobscot Bldg., Detroit, Mich.

MORTGAGE SALE — Default having been made in the terms and conditions of a certain mortgage made by the mortgagor therein named to the mortgagee therein named, dated and recorded in the office of the Register of Deeds for the County of Oakland and State of Michigan, in Liber of Mortgages, on page, on which mortgage there is claimed to be due at the date of this notice, for principal and interest, the sum stated, and an attorney's fee as provided for in said mortgage, and no suit or proceedings at law or in equity having been instituted to recover the moneys secured by said mortgage or any part thereof. Now, therefore, by virtue of the power of sale contained in said mortgage and pursuant to the statute of the State of Michigan in such case made and provided, notice is hereby given that on the day named at twelve o'clock noon, Eastern Standard Time, the undersigned will, at the Saginaw Street entrance to the Court House in the City of Pontiac, County of Oakland, Michigan (that being the building where the Circuit Court for the County of Oakland is held), sell at public auction, to the highest bidder, the premises described in said mortgage, or so much thereof as may be necessary to pay the amount due as aforesaid on said mortgage, with interest thereon and all legal costs, charges and expenses, including the attorney fees allowed by law, and also any sum or sums which may be paid by the undersigned, necessary to protect its interest in the premises. Which said premises are described as follows: All that certain piece or parcel of land situate in the Township of Royal Oak, County of Oakland, and State of Michigan, and more particularly described as lots of the subdivision thereof according to the plat recorded in Liber of Plats, page. Dated at Detroit, Michigan.

STANDARD SAVINGS AND LOAN ASSOCIATION, Mortgagee.
Miller, Baldwin & Boos, Attorneys, 617-21 Penobscot Bldg., Detroit, Mich.

MORTGAGE SALE — Default having been made in the terms and conditions of a certain mortgage made by the mortgagor therein named to the mortgagee therein named, dated and recorded in the office of the Register of Deeds for the County of Oakland and State of Michigan, in Liber of Mortgages, on page, on which mortgage there is claimed to be due at the date of this notice, for principal and interest, the sum stated, and an attorney's fee as provided for in said mortgage, and no suit or proceedings at law or in equity having been instituted to recover the moneys secured by said mortgage or any part thereof. Now, therefore, by virtue of the power of sale contained in said mortgage and pursuant to the statute of the State of Michigan in such case made and provided, notice is hereby given that on the day named at twelve o'clock noon, Eastern Standard Time, the undersigned will, at the Saginaw Street entrance to the Court House in the City of Pontiac, County of Oakland, Michigan (that being the building where the Circuit Court for the County of Oakland is held), sell at public auction, to the highest bidder, the premises described in said mortgage, or so much thereof as may be necessary to pay the amount due as aforesaid on said mortgage, with interest thereon and all legal costs, charges and expenses, including the attorney fees allowed by law, and also any sum or sums which may be paid by the undersigned, necessary to protect its interest in the premises. Which said premises are described as follows: All that certain piece or parcel of land situate in the Township of Royal Oak, County of Oakland, and State of Michigan, and more particularly described as lots of the subdivision thereof according to the plat recorded in Liber of Plats, page. Dated at Detroit, Michigan.

STANDARD SAVINGS AND LOAN ASSOCIATION, Mortgagee.
Miller, Baldwin & Boos, Attorneys, 617 Penobscot Bldg., Detroit, Mich.

MORTGAGE SALE — Default having been made in the terms and conditions of a certain mortgage made by the mortgagor therein named to the mortgagee therein named, dated and recorded in the office of the Register of Deeds for the County of Oakland and State of Michigan, in Liber of Mortgages, on page, on which mortgage there is claimed to be due at the date of this notice, for principal and interest, the sum stated, and an attorney's fee as provided for in said mortgage, and no suit or proceedings at law or in equity having been instituted to recover the moneys secured by said mortgage or any part thereof. Now, therefore, by virtue of the power of sale contained in said mortgage and pursuant to the statute of the State of Michigan in such case made and provided, notice is hereby given that on the day named at twelve o'clock noon, Eastern Standard Time, the undersigned will, at the Saginaw Street entrance to the Court House in the City of Pontiac, County of Oakland, Michigan (that being the building where the Circuit Court for the County of Oakland is held), sell at public auction, to the highest bidder, the premises described in said mortgage, or so much thereof as may be necessary to pay the amount due as aforesaid on said mortgage, with interest thereon and all legal costs, charges and expenses, including the attorney fees allowed by law, and also any sum or sums which may be paid by the undersigned, necessary to protect its interest in the premises. Which said premises are described as follows: All that certain piece or parcel of land situate in the Township of Royal Oak, County of Oakland, and State of Michigan, and more particularly described as lots of the subdivision thereof according to the plat recorded in Liber of Plats, page. Dated at Detroit, Michigan.

STANDARD SAVINGS AND LOAN ASSOCIATION, Mortgagee.
Groesbeck & Kelly, Attorneys, 1801 Dime Bank Bldg., Detroit, Mich.

MORTGAGE SALE — Default having been made in the terms and conditions of a certain mortgage made by the mortgagor therein named to the mortgagee therein named, dated and recorded in the office of the Register of Deeds for the County of Oakland and State of Michigan, in Liber of Mortgages, on page, on which mortgage there is claimed to be due at the date of this notice, for principal and interest, the sum stated, and an attorney's fee as provided for in said mortgage, and no suit or proceedings at law or in equity having been instituted to recover the moneys secured by said mortgage or any part thereof. Now, therefore, by virtue of the power of sale contained in said mortgage and pursuant to the statute of the State of Michigan in such case made and provided, notice is hereby given that on the day named at twelve o'clock noon, Eastern Standard Time, the undersigned will, at the Saginaw Street entrance to the Court House in the City of Pontiac, County of Oakland, Michigan (that being the building where the Circuit Court for the County of Oakland is held), sell at public auction, to the highest bidder, the premises described in said mortgage, or so much thereof as may be necessary to pay the amount due as aforesaid on said mortgage, with interest thereon and all legal costs, charges and expenses, including the attorney fees allowed by law, and also any sum or sums which may be paid by the undersigned, necessary to protect its interest in the premises. Which said premises are described as follows: All that certain piece or parcel of land situate in the Township of Royal Oak, County of Oakland, and State of Michigan, and more particularly described as lots of the subdivision thereof according to the plat recorded in Liber of Plats, page. Dated at Detroit, Michigan.

ORCHARD LAKE INSURANCE COMPANY, Mortgagee.
Miller, Baldwin & Boos, Attorneys, 617 Penobscot Bldg., Detroit, Mich.

MORTGAGE SALE — Default having been made in the terms and conditions of a certain mortgage made by the mortgagor therein named to the mortgagee therein named, dated and recorded in the office of the Register of Deeds for the County of Oakland and State of Michigan, in Liber of Mortgages, on page, on which mortgage there is claimed to be due at the date of this notice, for principal and interest, the sum stated, and an attorney's fee as provided for in said mortgage, and no suit or proceedings at law or in equity having been instituted to recover the moneys secured by said mortgage or any part thereof. Now, therefore, by virtue of the power of sale contained in said mortgage and pursuant to the statute of the State of Michigan in such case made and provided, notice is hereby given that on the day named at twelve o'clock noon, Eastern Standard Time, the undersigned will, at the Saginaw Street entrance to the Court House in the City of Pontiac, County of Oakland, Michigan (that being the building where the Circuit Court for the County of Oakland is held), sell at public auction, to the highest bidder, the premises described in said mortgage, or so much thereof as may be necessary to pay the amount due as aforesaid on said mortgage, with interest thereon and all legal costs, charges and expenses, including the attorney fees allowed by law, and also any sum or sums which may be paid by the undersigned, necessary to protect its interest in the premises. Which said premises are described as follows: All that certain piece or parcel of land situate in the Township of Royal Oak, County of Oakland, and State of Michigan, and more particularly described as lots of the subdivision thereof according to the plat recorded in Liber of Plats, page. Dated at Detroit, Michigan.

STANDARD SAVINGS AND LOAN ASSOCIATION, Mortgagee.
ELEVENTH INSERTION
Morse & Goldstick, Attorneys, 1417 Penobscot Bldg., Detroit, Mich.

MORTGAGE SALE — Default having been made in the terms and conditions of a certain mortgage made by the mortgagor therein named to the mortgagee therein named, dated and recorded in the office of the Register of Deeds for the County of Oakland and State of Michigan, in Liber of Mortgages, on page, on which mortgage there is claimed to be due at the date of this notice, for principal and interest, the sum stated, and an attorney's fee as provided for in said mortgage, and no suit or proceedings at law or in equity having been instituted to recover the moneys secured by said mortgage or any part thereof. Now, therefore, by virtue of the power of sale contained in said mortgage and pursuant to the statute of the State of Michigan in such case made and provided, notice is hereby given that on the day named at twelve o'clock noon, Eastern Standard Time, the undersigned will, at the Saginaw Street entrance to the Court House in the City of Pontiac, County of Oakland, Michigan (that being the building where the Circuit Court for the County of Oakland is held), sell at public auction, to the highest bidder, the premises described in said mortgage, or so much thereof as may be necessary to pay the amount due as aforesaid on said mortgage, with interest thereon and all legal costs, charges and expenses, including the attorney fees allowed by law, and also any sum or sums which may be paid by the undersigned, necessary to protect its interest in the premises. Which said premises are described as follows: All that certain piece or parcel of land situate in the Township of Royal Oak, County of Oakland, and State of Michigan, and more particularly described as lots of the subdivision thereof according to the plat recorded in Liber of Plats, page. Dated at Detroit, Michigan.

JOHN G. BRENNY, Assignee of Mortgagee.
Jorgensen & Alexander, Attorneys, Detroit Savings Bank Bldg., Detroit, Mich.

MORTGAGE SALE — Default having been made in the terms and conditions of a certain mortgage made by the mortgagor therein named to the mortgagee therein named, dated and recorded in the office of the Register of Deeds for the County of Oakland and State of Michigan, in Liber of Mortgages, on page, on which mortgage there is claimed to be due at the date of this notice, for principal and interest, the sum stated, and an attorney's fee as provided for in said mortgage, and no suit or proceedings at law or in equity having been instituted to recover the moneys secured by said mortgage or any part thereof. Now, therefore, by virtue of the power of sale contained in said mortgage and pursuant to the statute of the State of Michigan in such case made and provided, notice is hereby given that on the day named at twelve o'clock noon, Eastern Standard Time, the undersigned will, at the Saginaw Street entrance to the Court House in the City of Pontiac, County of Oakland, Michigan (that being the building where the Circuit Court for the County of Oakland is held), sell at public auction, to the highest bidder, the premises described in said mortgage, or so much thereof as may be necessary to pay the amount due as aforesaid on said mortgage, with interest thereon and all legal costs, charges and expenses, including the attorney fees allowed by law, and also any sum or sums which may be paid by the undersigned, necessary to protect its interest in the premises. Which said premises are described as follows: All that certain piece or parcel of land situate in the Township of Royal Oak, County of Oakland, and State of Michigan, and more particularly described as lots of the subdivision thereof according to the plat recorded in Liber of Plats, page. Dated at Detroit, Michigan.

AMY BENNETT, Mortgagee.
TWELFTH INSERTION
Morse & Goldstick, Attorneys, Penobscot Bldg., Detroit, Mich.

MORTGAGE SALE — Default having been made in the terms and conditions of a certain mortgage made by the mortgagor therein named to the mortgagee therein named, dated and recorded in the office of the Register of Deeds for the County of Oakland and State of Michigan, in Liber of Mortgages, on page, on which mortgage there is claimed to be due at the date of this notice, for principal and interest, the sum stated, and an attorney's fee as provided for in said mortgage, and no suit or proceedings at law or in equity having been instituted to recover the moneys secured by said mortgage or any part thereof. Now, therefore, by virtue of the power of sale contained in said mortgage and pursuant to the statute of the State of Michigan in such case made and provided, notice is hereby given that on the day named at twelve o'clock noon, Eastern Standard Time, the undersigned will, at the Saginaw Street entrance to the Court House in the City of Pontiac, County of Oakland, Michigan (that being the building where the Circuit Court for the County of Oakland is held), sell at public auction, to the highest bidder, the premises described in said mortgage, or so much thereof as may be necessary to pay the amount due as aforesaid on said mortgage, with interest thereon and all legal costs, charges and expenses, including the attorney fees allowed by law, and also any sum or sums which may be paid by the undersigned, necessary to protect its interest in the premises. Which said premises are described as follows: All that certain piece or parcel of land situate in the Township of Royal Oak, County of Oakland, and State of Michigan, and more particularly described as lots of the subdivision thereof according to the plat recorded in Liber of Plats, page. Dated at Detroit, Michigan.

GEORGE B. ESSEX, Assignee of Mortgagee.
Wilkinson, Lowther & O'Connell, Attorneys, 1425-31 Dime Bank Bldg., Detroit, Mich.

MORTGAGE SALE — Default having been made in the terms and conditions of a certain mortgage made by the mortgagor therein named to the mortgagee therein named, dated and recorded in the office of the Register of Deeds for the County of Oakland and State of Michigan, in Liber of Mortgages, on page, on which mortgage there is claimed to be due at the date of this notice, for principal and interest, the sum stated, and an attorney's fee as provided for in said mortgage, and no suit or proceedings at law or in equity having been instituted to recover the moneys secured by said mortgage or any part thereof. Now, therefore, by virtue of the power of sale contained in said mortgage and pursuant to the statute of the State of Michigan in such case made and provided, notice is hereby given that on the day named at twelve o'clock noon, Eastern Standard Time, the undersigned will, at the Saginaw Street entrance to the Court House in the City of Pontiac, County of Oakland, Michigan (that being the building where the Circuit Court for the County of Oakland is held), sell at public auction, to the highest bidder, the premises described in said mortgage, or so much thereof as may be necessary to pay the amount due as aforesaid on said mortgage, with interest thereon and all legal costs, charges and expenses, including the attorney fees allowed by law, and also any sum or sums which may be paid by the undersigned, necessary to protect its interest in the premises. Which said premises are described as follows: All that certain piece or parcel of land situate in the Township of Royal Oak, County of Oakland, and State of Michigan, and more particularly described as lots of the subdivision thereof according to the plat recorded in Liber of Plats, page. Dated at Detroit, Michigan.

FRANKLIN B. BUSHMAN, Mortgagee.
Morse & Goldstick, Attorneys, 1417 Penobscot Bldg., Detroit, Mich.

MORTGAGE SALE — Default having been made in the terms and conditions of a certain mortgage made by the mortgagor therein named to the mortgagee therein named, dated and recorded in the office of the Register of Deeds for the County of Oakland and State of Michigan, in Liber of Mortgages, on page, on which mortgage there is claimed to be due at the date of this notice, for principal and interest, the sum stated, and an attorney's fee as provided for in said mortgage, and no suit or proceedings at law or in equity having been instituted to recover the moneys secured by said mortgage or any part thereof. Now, therefore, by virtue of the power of sale contained in said mortgage and pursuant to the statute of the State of Michigan in such case made and provided, notice is hereby given that on the day named at twelve o'clock noon, Eastern Standard Time, the undersigned will, at the Saginaw Street entrance to the Court House in the City of Pontiac, County of Oakland, Michigan (that being the building where the Circuit Court for the County of Oakland is held), sell at public auction, to the highest bidder, the premises described in said mortgage, or so much thereof as may be necessary to pay the amount due as aforesaid on said mortgage, with interest thereon and all legal costs, charges and expenses, including the attorney fees allowed by law, and also any sum or sums which may be paid by the undersigned, necessary to protect its interest in the premises. Which said premises are described as follows: All that certain piece or parcel of land situate in the Township of Royal Oak, County of Oakland, and State of Michigan, and more particularly described as lots of the subdivision thereof according to the plat recorded in Liber of Plats, page. Dated at Detroit, Michigan.

JOHN G. BRENNY, Assignee of Mortgagee.
Jorgensen & Alexander, Attorneys, Detroit Savings Bank Bldg., Detroit, Mich.

MORTGAGE SALE — Default having been made in the terms and conditions of a certain mortgage made by the mortgagor therein named to the mortgagee therein named, dated and recorded in the office of the Register of Deeds for the County of Oakland and State of Michigan, in Liber of Mortgages, on page, on which mortgage there is claimed to be due at the date of this notice, for principal and interest, the sum stated, and an attorney's fee as provided for in said mortgage, and no suit or proceedings at law or in equity having been instituted to recover the moneys secured by said mortgage or any part thereof. Now, therefore, by virtue of the power of sale contained in said mortgage and pursuant to the statute of the State of Michigan in such case made and provided, notice is hereby given that on the day named at twelve o'clock noon, Eastern Standard Time, the undersigned will, at the Saginaw Street entrance to the Court House in the City of Pontiac, County of Oakland, Michigan (that being the building where the Circuit Court for the County of Oakland is held), sell at public auction, to the highest bidder, the premises described in said mortgage, or so much thereof as may be necessary to pay the amount due as aforesaid on said mortgage, with interest thereon and all legal costs, charges and expenses, including the attorney fees allowed by law, and also any sum or sums which may be paid by the undersigned, necessary to protect its interest in the premises. Which said premises are described as follows: All that certain piece or parcel of land situate in the Township of Royal Oak, County of Oakland, and State of Michigan, and more particularly described as lots of the subdivision thereof according to the plat recorded in Liber of Plats, page. Dated at Detroit, Michigan.

AMY BENNETT, Mortgagee.
Morse & Goldstick, Attorneys, Penobscot Bldg., Detroit, Mich.

MORTGAGE SALE — Default having been made in the terms and conditions of a certain mortgage made by the mortgagor therein named to the mortgagee therein named, dated and recorded in the office of the Register of Deeds for the County of Oakland and State of Michigan, in Liber of Mortgages, on page, on which mortgage there is claimed to be due at the date of this notice, for principal and interest, the sum stated, and an attorney's fee as provided for in said mortgage, and no suit or proceedings at law or in equity having been instituted to recover the moneys secured by said mortgage or any part thereof. Now, therefore, by virtue of the power of sale contained in said mortgage and pursuant to the statute of the State of Michigan in such case made and provided, notice is hereby given that on the day named at twelve o'clock noon, Eastern Standard Time, the undersigned will, at the Saginaw Street entrance to the Court House in the City of Pontiac, County of Oakland, Michigan (that being the building where the Circuit Court for the County of Oakland is held), sell at public auction, to the highest bidder, the premises described in said mortgage, or so much thereof as may be necessary to pay the amount due as aforesaid on said mortgage, with interest thereon and all legal costs, charges and expenses, including the attorney fees allowed by law, and also any sum or sums which may be paid by the undersigned, necessary to protect its interest in the premises. Which said premises are described as follows: All that certain piece or parcel of land situate in the Township of Royal Oak, County of Oakland, and State of Michigan, and more particularly described as lots of the subdivision thereof according to the plat recorded in Liber of Plats, page. Dated at Detroit, Michigan.

GEORGE B. ESSEX, Assignee of Mortgagee.
Wilkinson, Lowther & O'Connell, Attorneys, 1425-31 Dime Bank Bldg., Detroit, Mich.

MORTGAGE SALE — Default having been made in the terms and conditions of a certain mortgage made by the mortgagor therein named to the mortgagee therein named, dated and recorded in the office of the Register of Deeds for the County of Oakland and State of Michigan, in Liber of Mortgages, on page, on which mortgage there is claimed to be due at the date of this notice, for principal and interest, the sum stated, and an attorney's fee as provided for in said mortgage, and no suit or proceedings at law or in equity having been instituted to recover the moneys secured by said mortgage or any part thereof. Now, therefore, by virtue of the power of sale contained in said mortgage and pursuant to the statute of the State of Michigan in such case made and provided, notice is hereby given that on the day named at twelve o'clock noon, Eastern Standard Time, the undersigned will, at the Saginaw Street entrance to the Court House in the City of Pontiac, County of Oakland, Michigan (that being the building where the Circuit Court for the County of Oakland is held), sell at public auction, to the highest bidder, the premises described in said mortgage, or so much thereof as may be necessary to pay the amount due as aforesaid on said mortgage, with interest thereon and all legal costs, charges and expenses, including the attorney fees allowed by law, and also any sum or sums which may be paid by the undersigned, necessary to protect its interest in the premises. Which said premises are described as follows: All that certain piece or parcel of land situate in the Township of Royal Oak, County of Oakland, and State of Michigan, and more particularly described as lots of the subdivision thereof according to the plat recorded in Liber of Plats, page. Dated at Detroit, Michigan.

FRANKLIN B. BUSHMAN, Mortgagee.
Morse & Goldstick, Attorneys, Penobscot Bldg., Detroit, Mich.

MORTGAGE SALE — Default having been made in the terms and conditions of a certain mortgage made by the mortgagor therein named to the mortgagee therein named, dated and recorded in the office of the Register of Deeds for the County of Oakland and State of Michigan, in Liber of Mortgages, on page, on which mortgage there is claimed to be due at the date of this notice, for principal and interest, the sum stated, and an attorney's fee as provided for in said mortgage, and no suit or proceedings at law or in equity having been instituted to recover the moneys secured by said mortgage or any part thereof. Now, therefore, by virtue of the power of sale contained in said mortgage and pursuant to the statute of the State of Michigan in such case made and provided, notice is hereby given that on the day named at twelve o'clock noon, Eastern Standard Time, the undersigned will, at the Saginaw Street entrance to the Court House in the City of Pontiac, County of Oakland, Michigan (that being the building where the Circuit Court for the County of Oakland is held), sell at public auction, to the highest bidder, the premises described in said mortgage, or so much thereof as may be necessary to pay the amount due as aforesaid on said mortgage, with interest thereon and all legal costs, charges and expenses, including the attorney fees allowed by law, and also any sum or sums which may be paid by the undersigned, necessary to protect its interest in the premises. Which said premises are described as follows: All that certain piece or parcel of land situate in the Township of Royal Oak, County of Oakland, and State of Michigan, and more particularly described as lots of the subdivision thereof according to the plat recorded in Liber of Plats, page. Dated at Detroit, Michigan.

WILLIAM H. ALLEN and JENNIE M. ALLEN, Mortgagees.
Wilkinson, Lowther & O'Connell, Attorneys, 1425-31 Dime Bank Bldg., Detroit, Mich.

MORTGAGE SALE — Default having been made in the terms and conditions of a certain mortgage made by the mortgagor therein named to the mortgagee therein named, dated and recorded in the office of the Register of Deeds for the County of Oakland and State of Michigan, in Liber of Mortgages, on page, on which mortgage there is claimed to be due at the date of this notice, for principal and interest, the sum stated, and an attorney's fee as provided for in said mortgage, and no suit or proceedings at law or in equity having been instituted to recover the moneys secured by said mortgage or any part thereof. Now, therefore, by virtue of the power of sale contained in said mortgage and pursuant to the statute of the State of Michigan in such case made and provided, notice is hereby given that on the day named at twelve o'clock noon, Eastern Standard Time, the undersigned will, at the Saginaw Street entrance to the Court House in the City of Pontiac, County of Oakland, Michigan (that being the building where the Circuit Court for the County of Oakland is held), sell at public auction, to the highest bidder, the premises described in said mortgage, or so much thereof as may be necessary to pay the amount due as aforesaid on said mortgage, with interest thereon and all legal costs, charges and expenses, including the attorney fees allowed by law, and also any sum or sums which may be paid by the undersigned, necessary to protect its interest in the premises. Which said premises are described as follows: All that certain piece or parcel of land situate in the Township of Royal Oak, County of Oakland, and State of Michigan, and more particularly described as lots of the subdivision thereof according to the plat recorded in Liber of Plats, page. Dated at Detroit, Michigan.

FRANKLIN B. BUSHMAN, Mortgagee.
E. H. Rogers, Attorney, First National Bank Bldg., Detroit, Mich.

MORTGAGE SALE — Default having been made in the terms and conditions of a certain mortgage made by the mortgagor therein named to the mortgagee therein named, dated and recorded in the office of the Register of Deeds for the County of Oakland and State of Michigan, in Liber of Mortgages, on page, on which mortgage there is claimed to be due at the date of this notice, for principal and interest, the sum stated, and an attorney's fee as provided for in said mortgage, and no suit or proceedings at law or in equity having been instituted to recover the moneys secured by said mortgage or any part thereof. Now, therefore, by virtue of the power of sale contained in said mortgage and pursuant to the statute of the State of Michigan in such case made and provided, notice is hereby given that on the day named at twelve o'clock noon, Eastern Standard Time, the undersigned will, at the Saginaw Street entrance to the Court House in the City of Pontiac, County of Oakland, Michigan (that being the building where the Circuit Court for the County of Oakland is held), sell at public auction, to the highest bidder, the premises described in said mortgage, or so much thereof as may be necessary to pay the amount due as aforesaid on said mortgage, with interest thereon and all legal costs, charges and expenses, including the attorney fees allowed by law, and also any sum or sums which may be paid by the undersigned, necessary to protect its interest in the premises. Which said premises are described as follows: All that certain piece or parcel of land situate in the Township of Royal Oak, County of Oakland, and State of Michigan, and more particularly described as lots of the subdivision thereof according to the plat recorded in Liber of Plats, page. Dated at Detroit, Michigan.

FIRST NATIONAL BANK IN DETROIT, Mortgagee.
THIRTEENTH INSERTION
Edward J. Jeffries, Jr., and E. K. Akey, Attorneys, Maccabees Bldg., Detroit, Mich.

MORTGAGE SALE — Default having been made in the terms and conditions of a certain mortgage made by the mortgagor therein named to the mortgagee therein named, dated and recorded in the office of the Register of Deeds for the County of Oakland and State of Michigan, in Liber of Mortgages, on page, on which mortgage there is claimed to be due at the date of this notice, for principal and interest, the sum stated, and an attorney's fee as provided for in said mortgage, and no suit or proceedings at law or in equity having been instituted to recover the moneys secured by said mortgage or any part thereof. Now, therefore, by virtue of the power of sale contained in said mortgage and pursuant to the statute of the State of Michigan in such case made and provided, notice is hereby given that on the day named at twelve o'clock noon, Eastern Standard Time, the undersigned will, at the Saginaw Street entrance to the Court House in the City of Pontiac, County of Oakland, Michigan (that being the building where the Circuit Court for the County of Oakland is held), sell at public auction, to the highest bidder, the premises described in said mortgage, or so much thereof as may be necessary to pay the amount due as aforesaid on said mortgage, with interest thereon and all legal costs, charges and expenses, including the attorney fees allowed by law, and also any sum or sums which may be paid by the undersigned, necessary to protect its interest in the premises. Which said premises are described as follows: All that certain piece or parcel of land situate in the Township of Royal Oak, County of Oakland, and State of Michigan, and more particularly described as lots of the subdivision thereof according to the plat recorded in Liber of Plats, page. Dated at Detroit, Michigan.

THE MACCABEES, Mortgagee.
Morse & Goldstick, Attorneys, Penobscot Bldg., Detroit, Mich.

MORTGAGE SALE — Default having been made in the terms and conditions of a certain mortgage made by the mortgagor therein named to the mortgagee therein named, dated and recorded in the office of the Register of Deeds for the County of Oakland and State of Michigan, in Liber of Mortgages, on page, on which mortgage there is claimed to be due at the date of this notice, for principal and interest, the sum stated, and an attorney's fee as provided for in said mortgage, and no suit or proceedings at law or in equity having been instituted to recover the moneys secured by said mortgage or any part thereof. Now, therefore, by virtue of the power of sale contained in said mortgage and pursuant to the statute of the State of Michigan in such case made and provided, notice is hereby given that on the day named at twelve o'clock noon, Eastern Standard Time, the undersigned will, at the Saginaw Street entrance to the Court House in the City of Pontiac, County of Oakland, Michigan (that being the building where the Circuit Court for the County of Oakland is held), sell at public auction, to the highest bidder, the premises described in said mortgage, or so much thereof as may be necessary to pay the amount due as aforesaid on said mortgage, with interest thereon and all legal costs, charges and expenses, including the attorney fees allowed by law, and also any sum or sums which may be paid by the undersigned, necessary to protect its interest in the premises. Which said premises are described as follows: All that certain piece or parcel of land situate in the Township of Royal Oak, County of Oakland, and State of Michigan, and more particularly described as lots of the subdivision thereof according to the plat recorded in Liber of Plats, page. Dated at Detroit, Michigan.

WILLIAM H. ALLEN and JENNIE M. ALLEN, Mortgagees.
Wilkinson, Lowther & O'Connell, Attorneys, 1425-31 Dime Bank Bldg., Detroit, Mich.

MORTGAGE SALE — Default having been made in the terms and conditions of a certain mortgage made by the mortgagor therein named to the mortgagee therein named, dated and recorded in the office of the Register of Deeds for the County of Oakland and State of Michigan, in Liber of Mortgages, on page, on which mortgage there is claimed to be due at the date of this notice, for principal and interest, the sum stated, and an attorney's fee as provided for in said mortgage, and no suit or proceedings at law or in equity having been instituted to recover the moneys secured by said mortgage or any part thereof. Now, therefore, by virtue of the power of sale contained in said mortgage and pursuant to the statute of the State of Michigan in such case made and provided, notice is hereby given that on the day named at twelve o'clock noon, Eastern Standard Time, the undersigned will, at the Saginaw Street entrance to the Court House in the City of Pontiac, County of Oakland, Michigan (that being the building where the Circuit Court for the County of Oakland is held), sell at public auction, to the highest bidder, the premises described in said mortgage, or so much thereof as may be necessary to pay the amount due as aforesaid on said mortgage, with interest thereon and all legal costs, charges and expenses, including the attorney fees allowed by law, and also any sum or sums which may be paid by the undersigned, necessary to protect its interest in the premises. Which said premises are described as follows: All that certain piece or parcel of land situate in the Township of Royal Oak, County of Oakland, and State of Michigan, and more particularly described as lots of the subdivision thereof according to the plat recorded in Liber of Plats, page. Dated at Detroit, Michigan.

FRANKLIN B. BUSHMAN, Mortgagee.
E. H. Rogers, Attorney, First National Bank Bldg., Detroit, Mich.

MORTGAGE SALE — Default having been made in the terms and conditions of a certain mortgage made by the mortgagor therein named to the mortgagee therein named, dated and recorded in the office of the Register of Deeds for the County of Oakland and State of Michigan, in Liber of Mortgages, on page, on which mortgage there is claimed to be due at the date of this notice, for principal and interest, the sum stated, and an attorney's fee as provided for in said mortgage, and no suit or proceedings at law or in equity having been instituted to recover the moneys secured by said mortgage or any part thereof. Now, therefore, by virtue of the power of sale contained in said mortgage and pursuant to the statute of the State of Michigan in such case made and provided, notice is hereby given that on the day named at twelve o'clock noon, Eastern Standard Time, the undersigned will, at the Saginaw Street entrance to the Court House in the City of Pontiac, County of Oakland, Michigan (that being the building where the Circuit Court for the County of Oakland is held), sell at public auction, to the highest bidder, the premises described in said mortgage, or so much thereof as may be necessary to pay the amount due as aforesaid on said mortgage, with interest thereon and all legal costs, charges and expenses, including the attorney fees allowed by law, and also any sum or sums which may be paid by the undersigned, necessary to protect its interest in the premises. Which said premises are described as follows: All that certain piece or parcel of land situate in the Township of Royal Oak, County of Oakland, and State of Michigan, and more particularly described as lots of the subdivision thereof according to the plat recorded in Liber of Plats, page. Dated at Detroit, Michigan.

FIRST NATIONAL BANK IN DETROIT, Mortgagee.
Edward J. Jeffries, Jr., and E. K. Akey, Attorneys, Maccabees Bldg., Detroit, Mich.

MORTGAGE SALE — Default having been made in the terms and conditions of a certain mortgage made by the mortgagor therein named to the mortgagee therein named, dated and recorded in the office of the Register of Deeds for the County of Oakland and State of Michigan, in Liber of Mortgages, on page, on which mortgage there is claimed to be due at the date of this notice, for principal and interest, the sum stated, and an attorney's fee as provided for in said mortgage, and no suit or proceedings at law or in equity having been instituted to recover the moneys secured by said mortgage or any part thereof. Now, therefore, by virtue of the power of sale contained in said mortgage and pursuant to the statute of the State of Michigan in such case made and provided, notice is hereby given that on the day named at twelve o'clock noon, Eastern Standard Time, the undersigned will, at the Saginaw Street entrance to the Court House in the City of Pontiac, County of Oakland, Michigan (that being the building where the Circuit Court for the County of Oakland is held), sell at public auction, to the highest bidder, the premises described in said mortgage, or so much thereof as may be necessary to pay the amount due as aforesaid on said mortgage, with interest thereon and all legal costs, charges and expenses, including the attorney fees allowed by law, and also any sum or sums which may be paid by the undersigned, necessary to protect its interest in the premises. Which said premises are described as follows: All that certain piece or parcel of land situate in the Township of Royal Oak, County of Oakland, and State of Michigan, and more particularly described as lots of the subdivision thereof according to the plat recorded in Liber of Plats, page. Dated at Detroit, Michigan.

THE MACCABEES, Mortgagee.
